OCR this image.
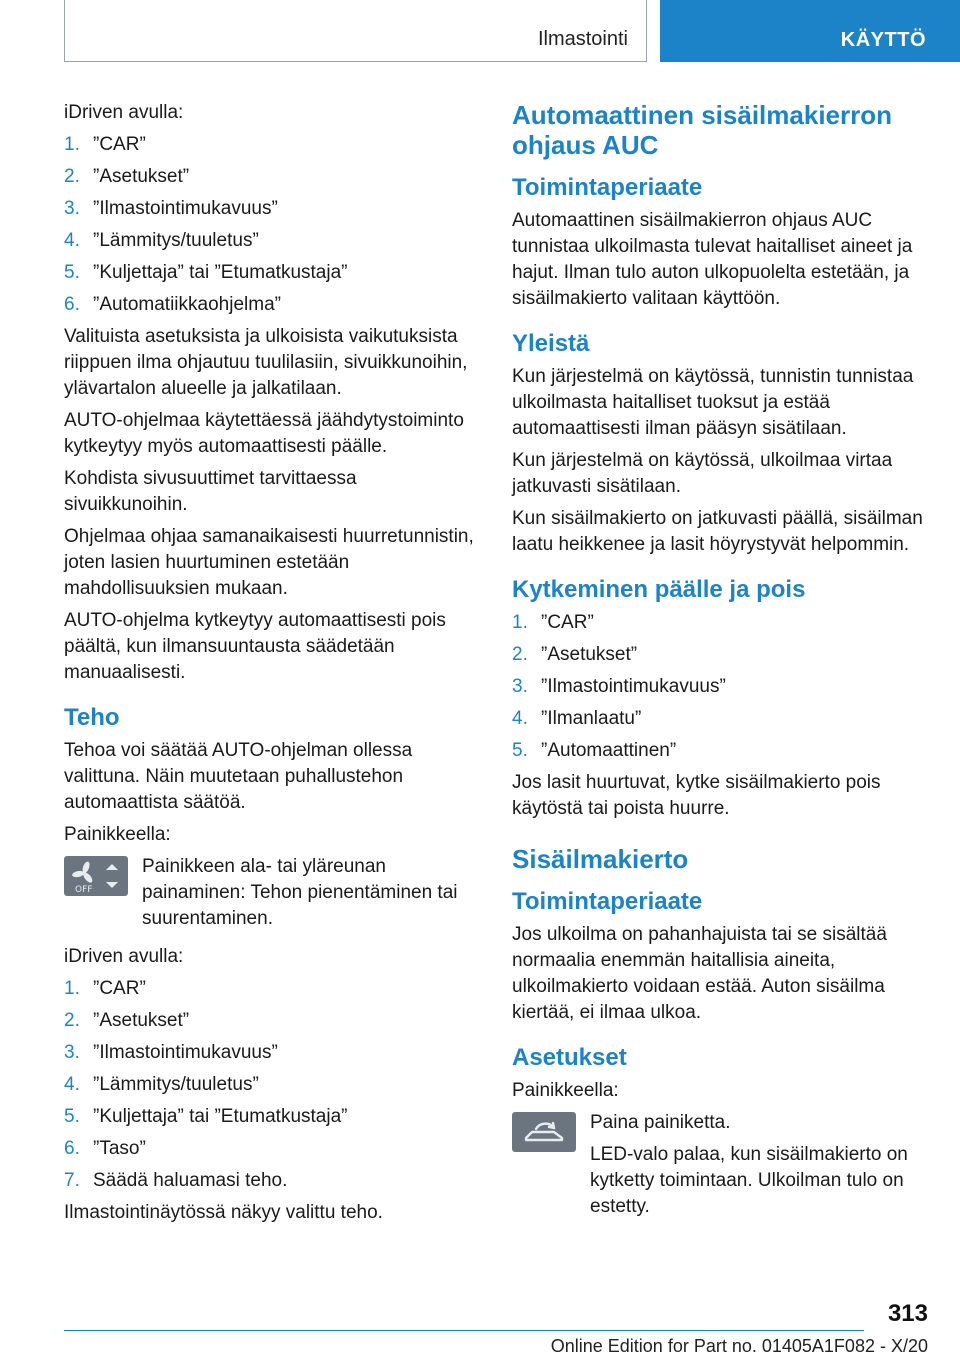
Ilmastointi	KÄYTTÖ

iDriven avulla:

1. ”CAR”
2. ”Asetukset”
3. ”Ilmastointimukavuus”
4. ”Lämmitys/tuuletus”
5. ”Kuljettaja” tai ”Etumatkustaja”
6. ”Automatiikkaohjelma”

Valituista asetuksista ja ulkoisista vaikutuksista riippuen ilma ohjautuu tuulilasiin, sivuikkunoihin, ylävartalon alueelle ja jalkatilaan.

AUTO-ohjelmaa käytettäessä jäähdytystoiminto kytkeytyy myös automaattisesti päälle.

Kohdista sivusuuttimet tarvittaessa sivuikkunoihin.

Ohjelmaa ohjaa samanaikaisesti huurretunnistin, joten lasien huurtuminen estetään mahdollisuuksien mukaan.

AUTO-ohjelma kytkeytyy automaattisesti pois päältä, kun ilmansuuntausta säädetään manuaalisesti.

Teho

Tehoa voi säätää AUTO-ohjelman ollessa valittuna. Näin muutetaan puhallustehon automaattista säätöä.

Painikkeella:

OFF
Painikkeen ala- tai yläreunan painaminen: Tehon pienentäminen tai suurentaminen.

iDriven avulla:

1. ”CAR”
2. ”Asetukset”
3. ”Ilmastointimukavuus”
4. ”Lämmitys/tuuletus”
5. ”Kuljettaja” tai ”Etumatkustaja”
6. ”Taso”
7. Säädä haluamasi teho.

Ilmastointinäytössä näkyy valittu teho.

Automaattinen sisäilmakierron ohjaus AUC
Toimintaperiaate

Automaattinen sisäilmakierron ohjaus AUC tunnistaa ulkoilmasta tulevat haitalliset aineet ja hajut. Ilman tulo auton ulkopuolelta estetään, ja sisäilmakierto valitaan käyttöön.

Yleistä

Kun järjestelmä on käytössä, tunnistin tunnistaa ulkoilmasta haitalliset tuoksut ja estää automaattisesti ilman pääsyn sisätilaan.

Kun järjestelmä on käytössä, ulkoilmaa virtaa jatkuvasti sisätilaan.

Kun sisäilmakierto on jatkuvasti päällä, sisäilman laatu heikkenee ja lasit höyrystyvät helpommin.

Kytkeminen päälle ja pois
1. ”CAR”
2. ”Asetukset”
3. ”Ilmastointimukavuus”
4. ”Ilmanlaatu”
5. ”Automaattinen”

Jos lasit huurtuvat, kytke sisäilmakierto pois käytöstä tai poista huurre.

Sisäilmakierto
Toimintaperiaate

Jos ulkoilma on pahanhajuista tai se sisältää normaalia enemmän haitallisia aineita, ulkoilmakierto voidaan estää. Auton sisäilma kiertää, ei ilmaa ulkoa.

Asetukset

Painikkeella:

Paina painiketta.
LED-valo palaa, kun sisäilmakierto on kytketty toimintaan. Ulkoilman tulo on estetty.
313
Online Edition for Part no. 01405A1F082 - X/20
